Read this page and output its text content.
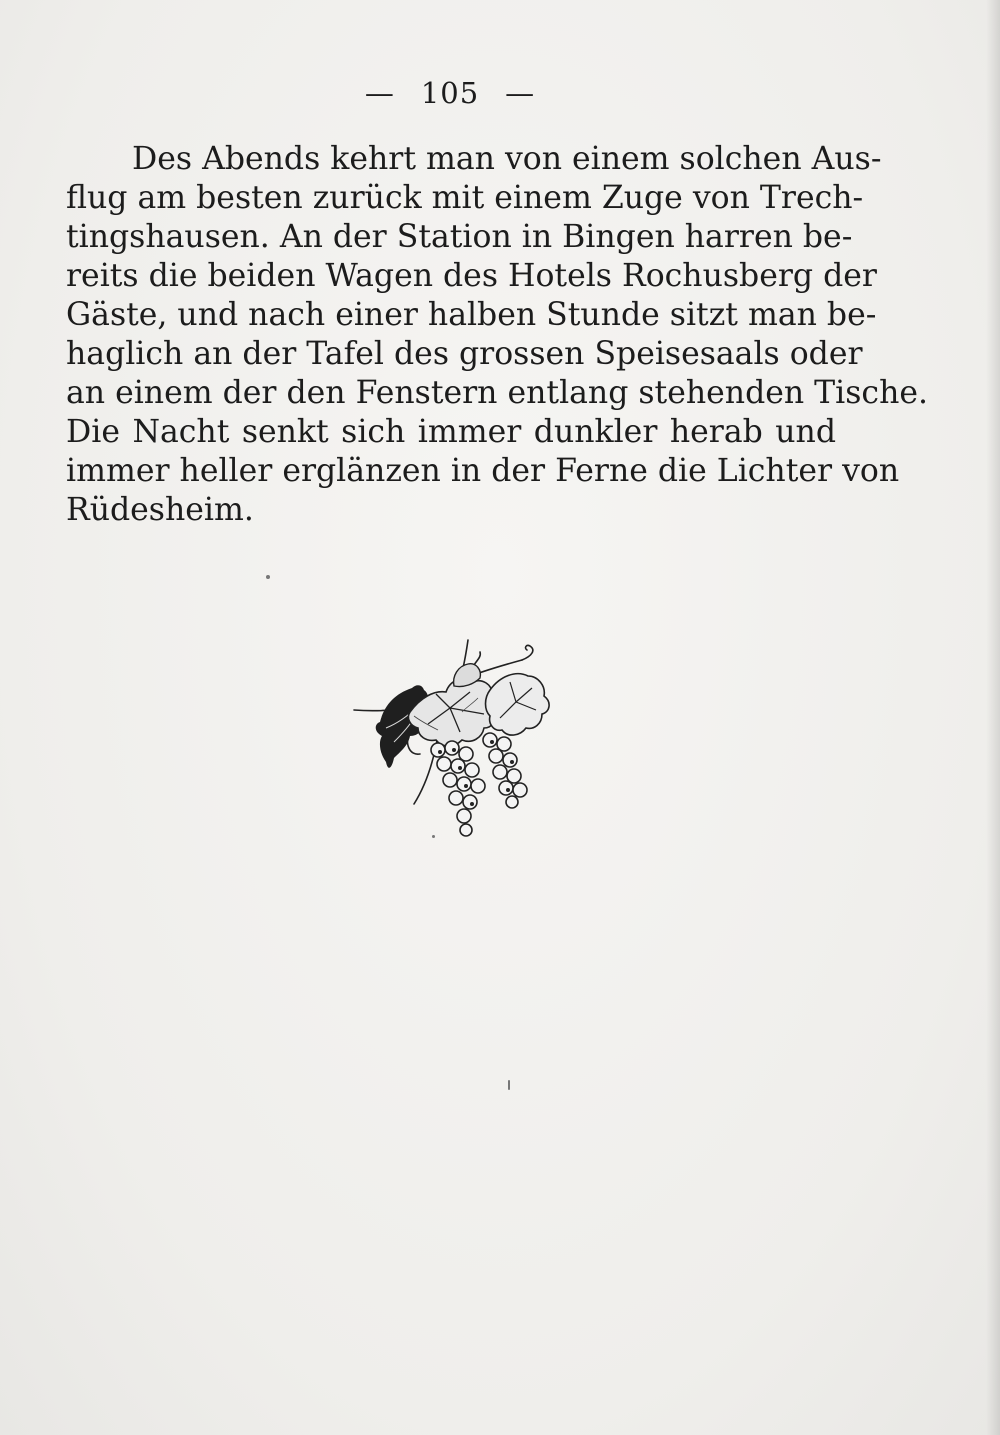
— 105 —
Des Abends kehrt man von einem solchen Aus-
flug am besten zurück mit einem Zuge von Trech-
tingshausen. An der Station in Bingen harren be-
reits die beiden Wagen des Hotels Rochusberg der
Gäste, und nach einer halben Stunde sitzt man be-
haglich an der Tafel des grossen Speisesaals oder
an einem der den Fenstern entlang stehenden Tische.
Die Nacht senkt sich immer dunkler herab und
immer heller erglänzen in der Ferne die Lichter von
Rüdesheim.
